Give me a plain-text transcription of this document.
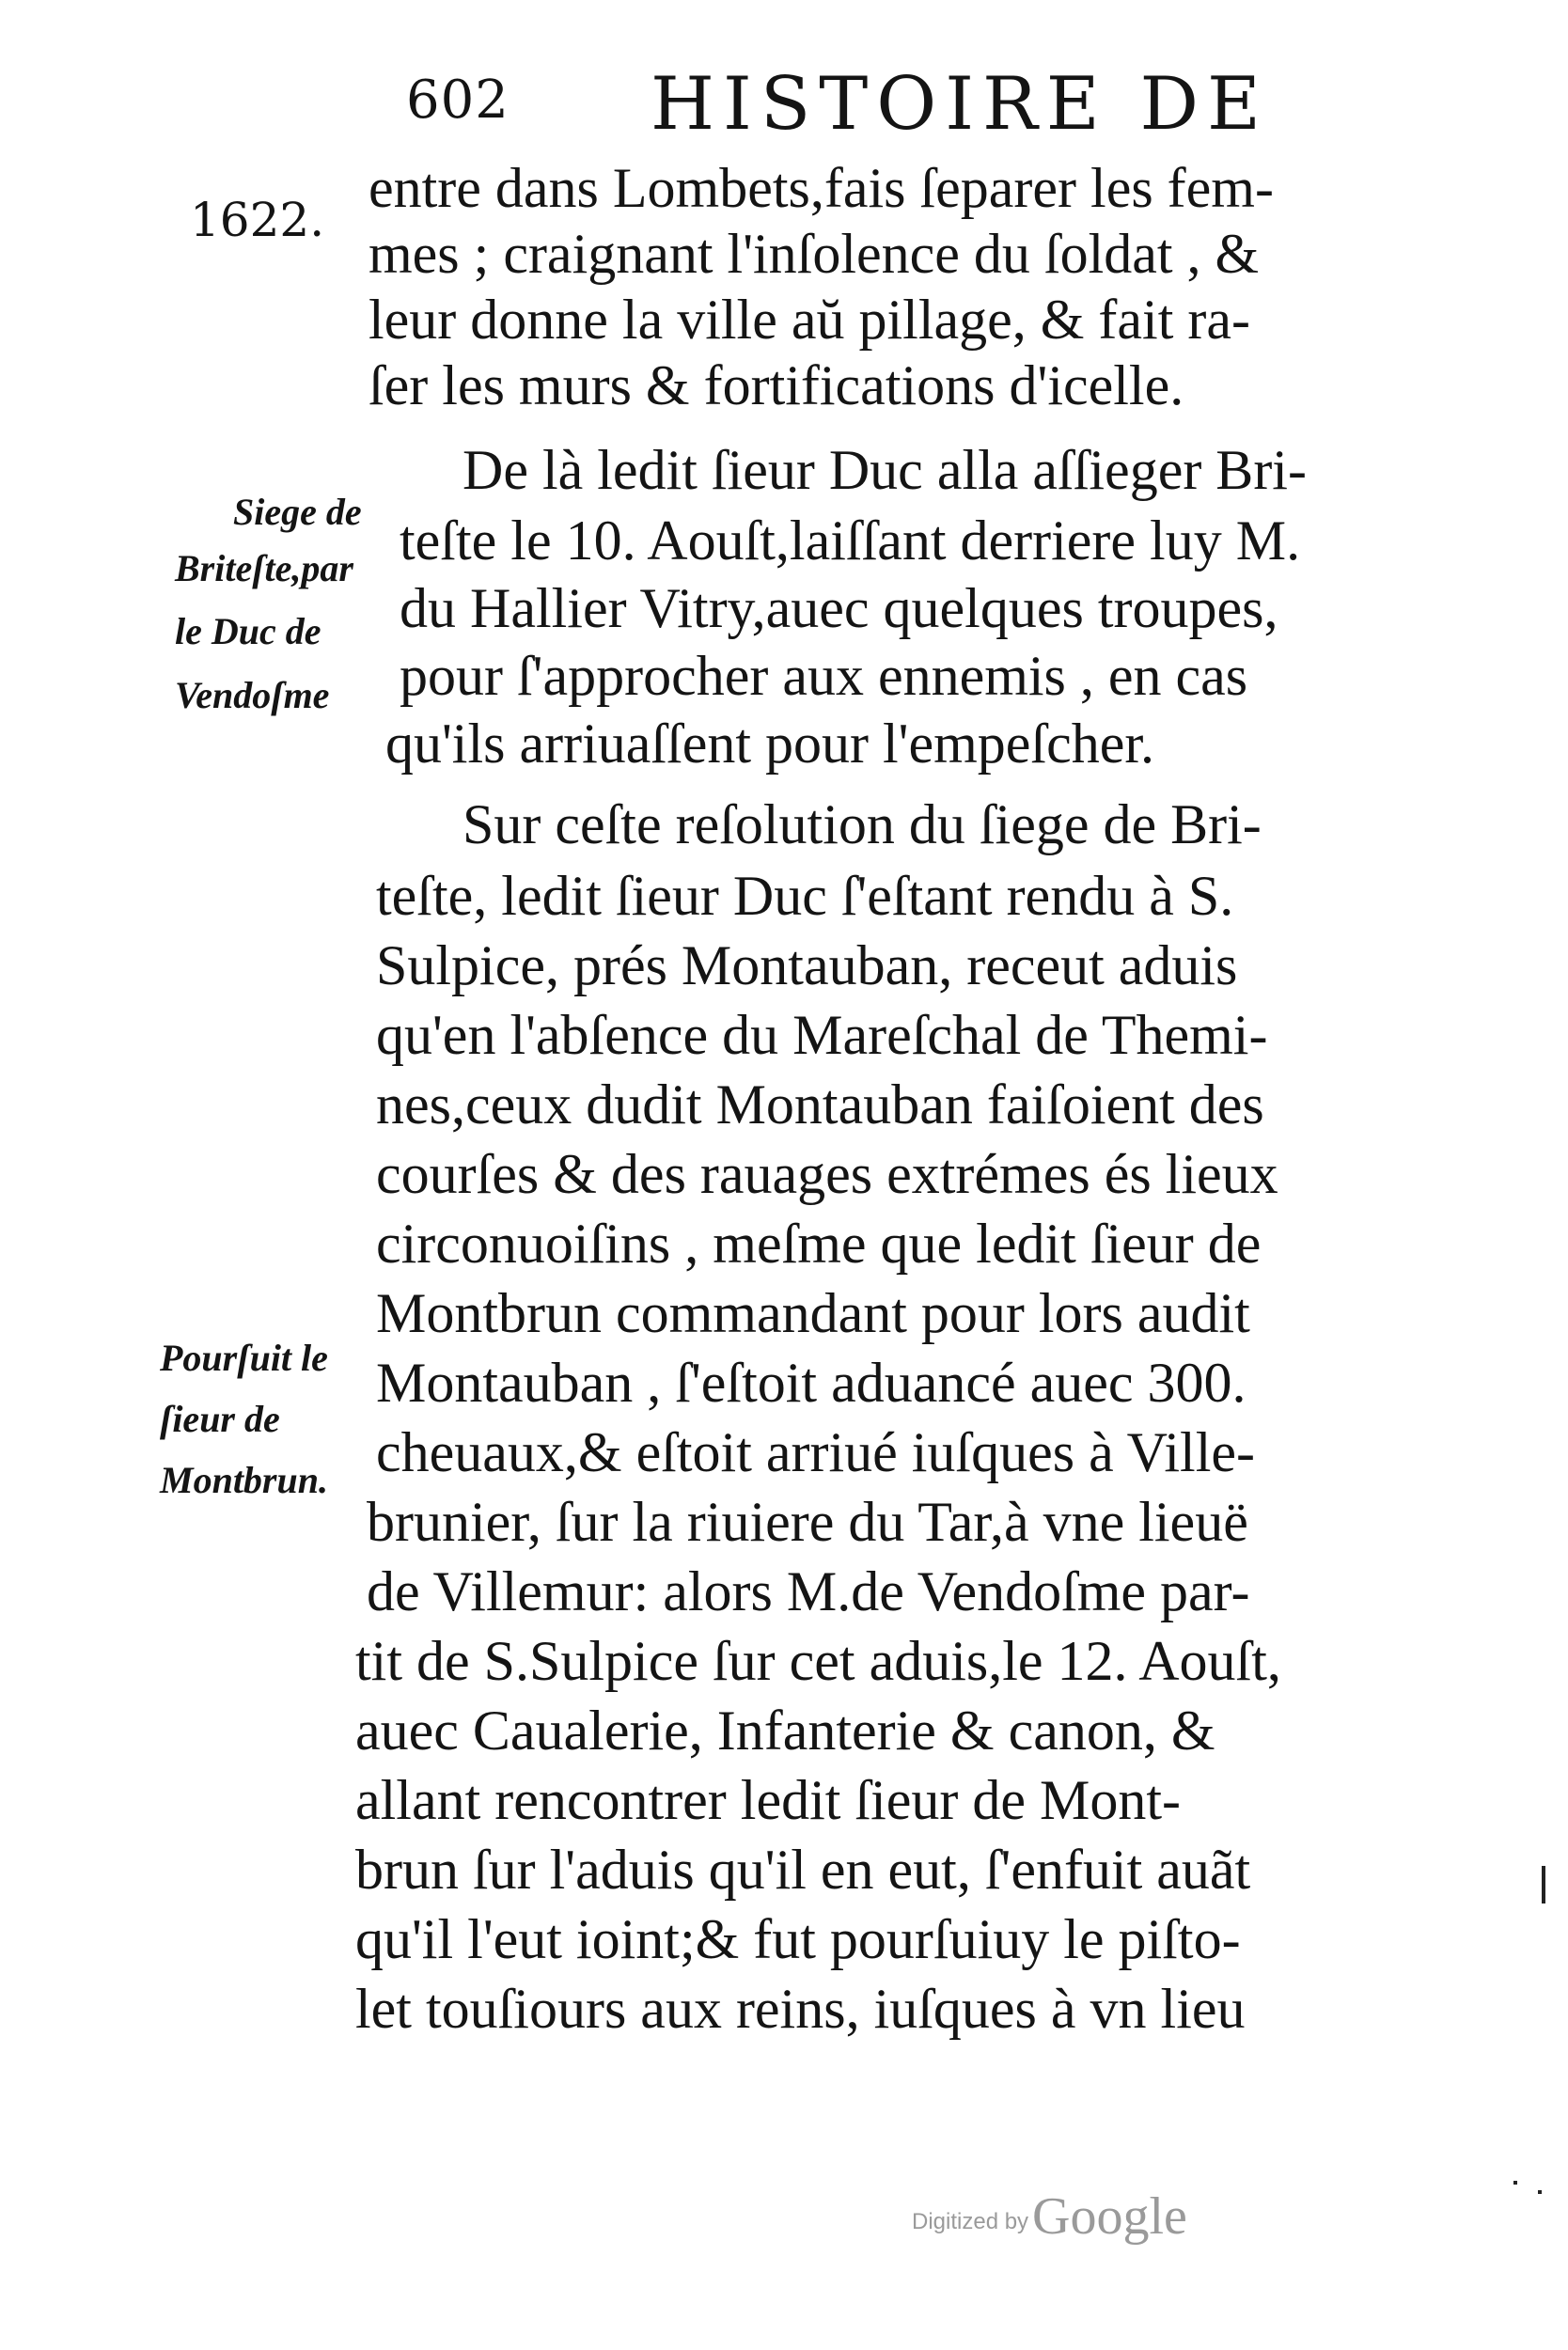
602 HISTOIRE DE
1622.
Siege de
Briteſte,par
le Duc de
Vendoſme
Pourſuit le
ſieur de
Montbrun.
entre dans Lombets,fais ſeparer les fem-
mes ; craignant l'inſolence du ſoldat , &
leur donne la ville aŭ pillage, & fait ra-
ſer les murs & fortifications d'icelle.
De là ledit ſieur Duc alla aſſieger Bri-
teſte le 10. Aouſt,laiſſant derriere luy M.
du Hallier Vitry,auec quelques troupes,
pour ſ'approcher aux ennemis , en cas
qu'ils arriuaſſent pour l'empeſcher.
Sur ceſte reſolution du ſiege de Bri-
teſte, ledit ſieur Duc ſ'eſtant rendu à S.
Sulpice, prés Montauban, receut aduis
qu'en l'abſence du Mareſchal de Themi-
nes,ceux dudit Montauban faiſoient des
courſes & des rauages extrémes és lieux
circonuoiſins , meſme que ledit ſieur de
Montbrun commandant pour lors audit
Montauban , ſ'eſtoit aduancé auec 300.
cheuaux,& eſtoit arriué iuſques à Ville-
brunier, ſur la riuiere du Tar,à vne lieuë
de Villemur: alors M.de Vendoſme par-
tit de S.Sulpice ſur cet aduis,le 12. Aouſt,
auec Caualerie, Infanterie & canon, &
allant rencontrer ledit ſieur de Mont-
brun ſur l'aduis qu'il en eut, ſ'enfuit auãt
qu'il l'eut ioint;& fut pourſuiuy le piſto-
let touſiours aux reins, iuſques à vn lieu
Digitized by Google
